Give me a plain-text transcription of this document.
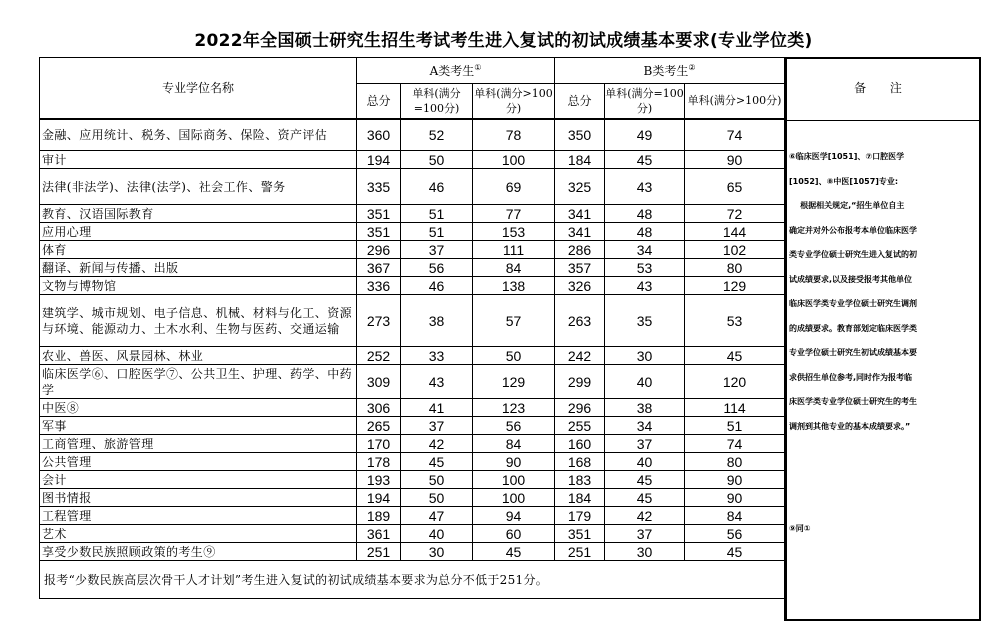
2022年全国硕士研究生招生考试考生进入复试的初试成绩基本要求(专业学位类)
专业学位名称	A类考生①			B类考生②
	总分	单科(满分=100分)	单科(满分>100分)	总分	单科(满分=100分)	单科(满分>100分)
金融、应用统计、税务、国际商务、保险、资产评估	360	52	78	350	49	74
审计	194	50	100	184	45	90
法律(非法学)、法律(法学)、社会工作、警务	335	46	69	325	43	65
教育、汉语国际教育	351	51	77	341	48	72
应用心理	351	51	153	341	48	144
体育	296	37	111	286	34	102
翻译、新闻与传播、出版	367	56	84	357	53	80
文物与博物馆	336	46	138	326	43	129
建筑学、城市规划、电子信息、机械、材料与化工、资源与环境、能源动力、土木水利、生物与医药、交通运输	273	38	57	263	35	53
农业、兽医、风景园林、林业	252	33	50	242	30	45
临床医学⑥、口腔医学⑦、公共卫生、护理、药学、中药学	309	43	129	299	40	120
中医⑧	306	41	123	296	38	114
军事	265	37	56	255	34	51
工商管理、旅游管理	170	42	84	160	37	74
公共管理	178	45	90	168	40	80
会计	193	50	100	183	45	90
图书情报	194	50	100	184	45	90
工程管理	189	47	94	179	42	84
艺术	361	40	60	351	37	56
享受少数民族照顾政策的考生⑨	251	30	45	251	30	45
报考“少数民族高层次骨干人才计划”考生进入复试的初试成绩基本要求为总分不低于251分。						
备 注
⑥临床医学[1051]、⑦口腔医学
[1052]、⑧中医[1057]专业:
根据相关规定,“招生单位自主
确定并对外公布报考本单位临床医学
类专业学位硕士研究生进入复试的初
试成绩要求,以及接受报考其他单位
临床医学类专业学位硕士研究生调剂
的成绩要求。教育部划定临床医学类
专业学位硕士研究生初试成绩基本要
求供招生单位参考,同时作为报考临
床医学类专业学位硕士研究生的考生
调剂到其他专业的基本成绩要求。”
⑨同①
